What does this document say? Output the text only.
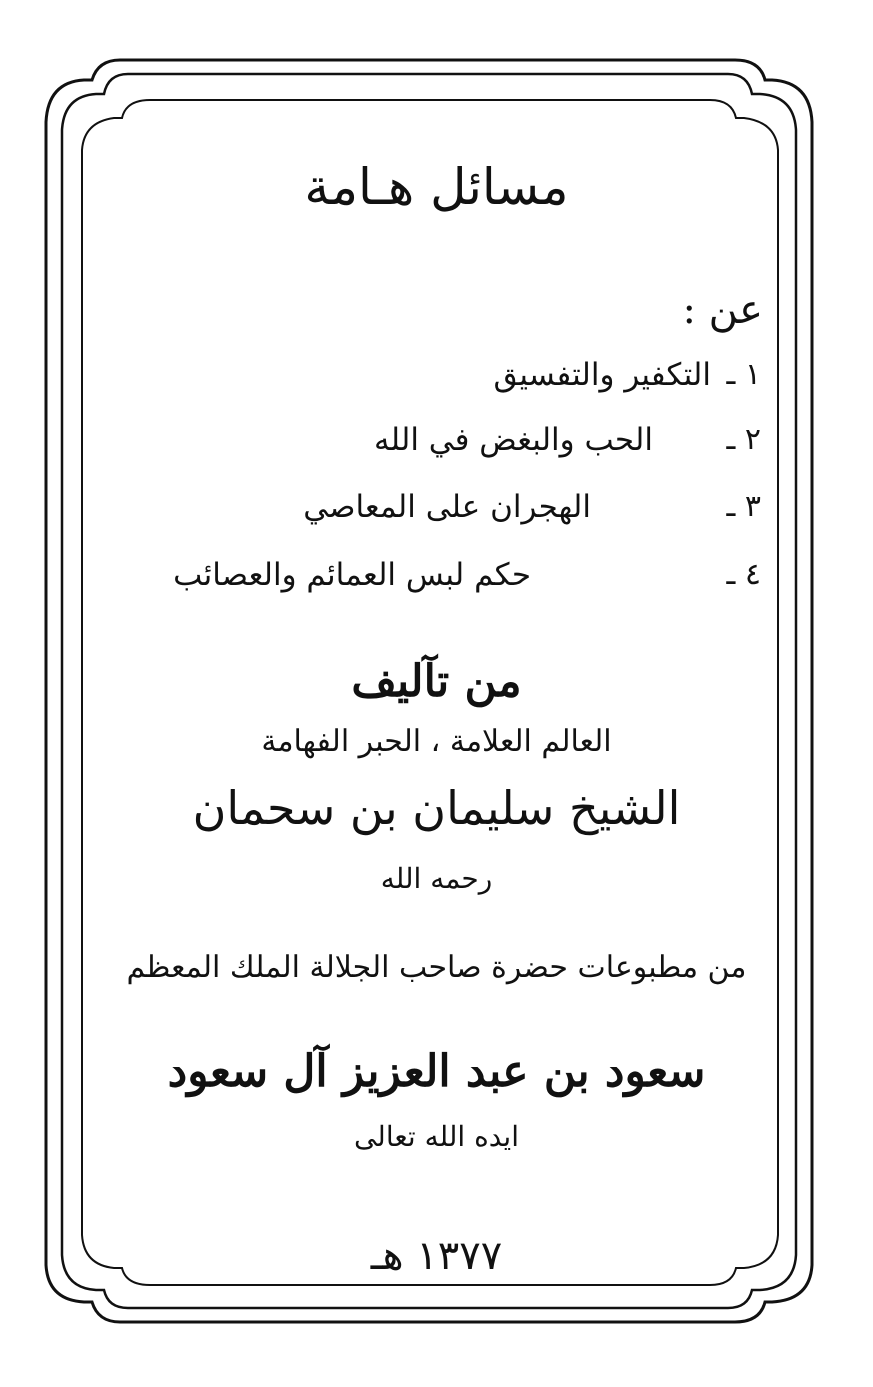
مسائل هـامة
عن :
١ ـ
التكفير والتفسيق
٢ ـ
الحب والبغض في الله
٣ ـ
الهجران على المعاصي
٤ ـ
حكم لبس العمائم والعصائب
من تآليف
العالم العلامة ، الحبر الفهامة
الشيخ سليمان بن سحمان
رحمه الله
من مطبوعات حضرة صاحب الجلالة الملك المعظم
سعود بن عبد العزيز آل سعود
ايده الله تعالى
١٣٧٧ هـ
